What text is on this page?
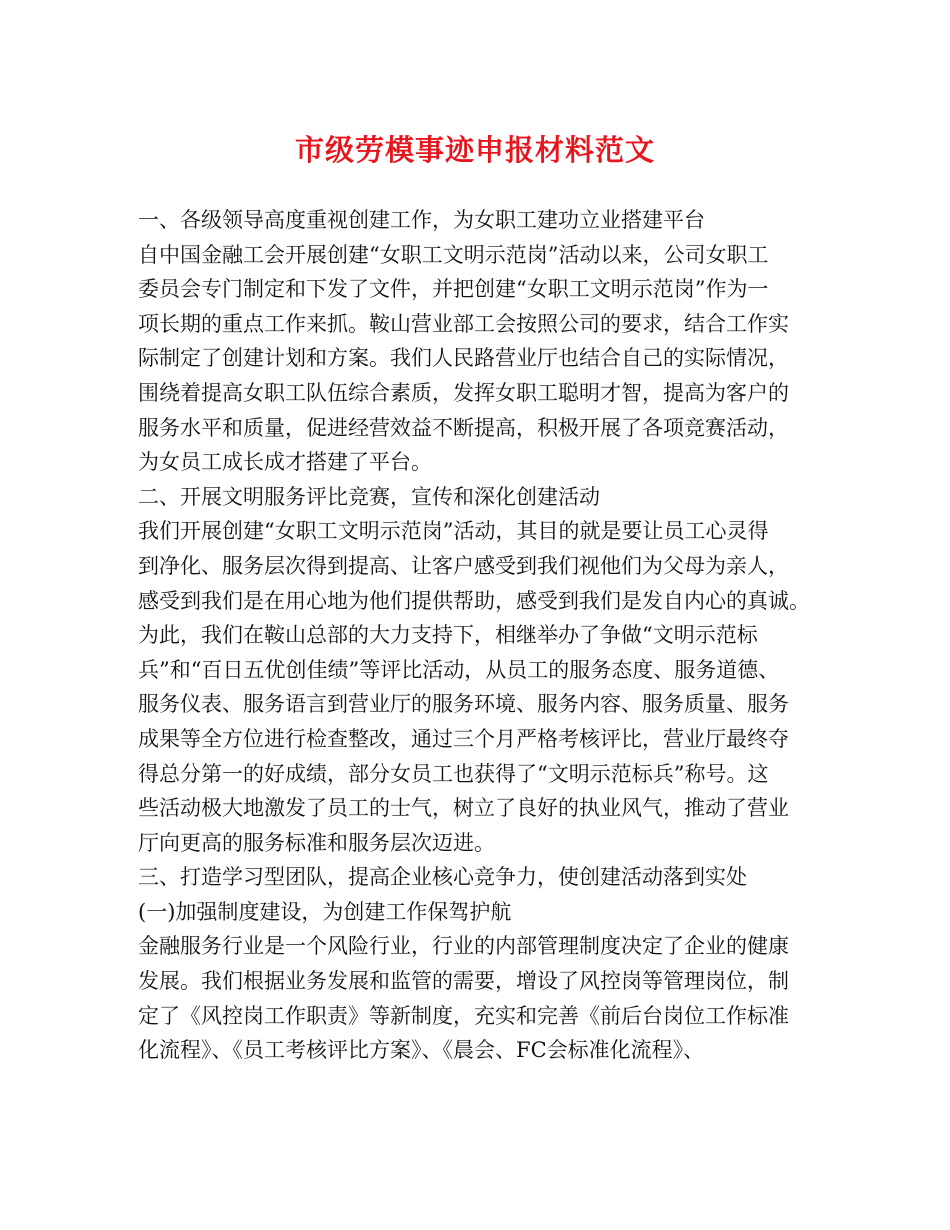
市级劳模事迹申报材料范文
一、各级领导高度重视创建工作，为女职工建功立业搭建平台
自中国金融工会开展创建“女职工文明示范岗”活动以来，公司女职工
委员会专门制定和下发了文件，并把创建“女职工文明示范岗”作为一
项长期的重点工作来抓。鞍山营业部工会按照公司的要求，结合工作实
际制定了创建计划和方案。我们人民路营业厅也结合自己的实际情况，
围绕着提高女职工队伍综合素质，发挥女职工聪明才智，提高为客户的
服务水平和质量，促进经营效益不断提高，积极开展了各项竞赛活动，
为女员工成长成才搭建了平台。
二、开展文明服务评比竞赛，宣传和深化创建活动
我们开展创建“女职工文明示范岗”活动，其目的就是要让员工心灵得
到净化、服务层次得到提高、让客户感受到我们视他们为父母为亲人，
感受到我们是在用心地为他们提供帮助，感受到我们是发自内心的真诚。
为此，我们在鞍山总部的大力支持下，相继举办了争做“文明示范标
兵”和“百日五优创佳绩”等评比活动，从员工的服务态度、服务道德、
服务仪表、服务语言到营业厅的服务环境、服务内容、服务质量、服务
成果等全方位进行检查整改，通过三个月严格考核评比，营业厅最终夺
得总分第一的好成绩，部分女员工也获得了“文明示范标兵”称号。这
些活动极大地激发了员工的士气，树立了良好的执业风气，推动了营业
厅向更高的服务标准和服务层次迈进。
三、打造学习型团队，提高企业核心竞争力，使创建活动落到实处
(一)加强制度建设，为创建工作保驾护航
金融服务行业是一个风险行业，行业的内部管理制度决定了企业的健康
发展。我们根据业务发展和监管的需要，增设了风控岗等管理岗位，制
定了《风控岗工作职责》等新制度，充实和完善《前后台岗位工作标准
化流程》、《员工考核评比方案》、《晨会、FC会标准化流程》、
